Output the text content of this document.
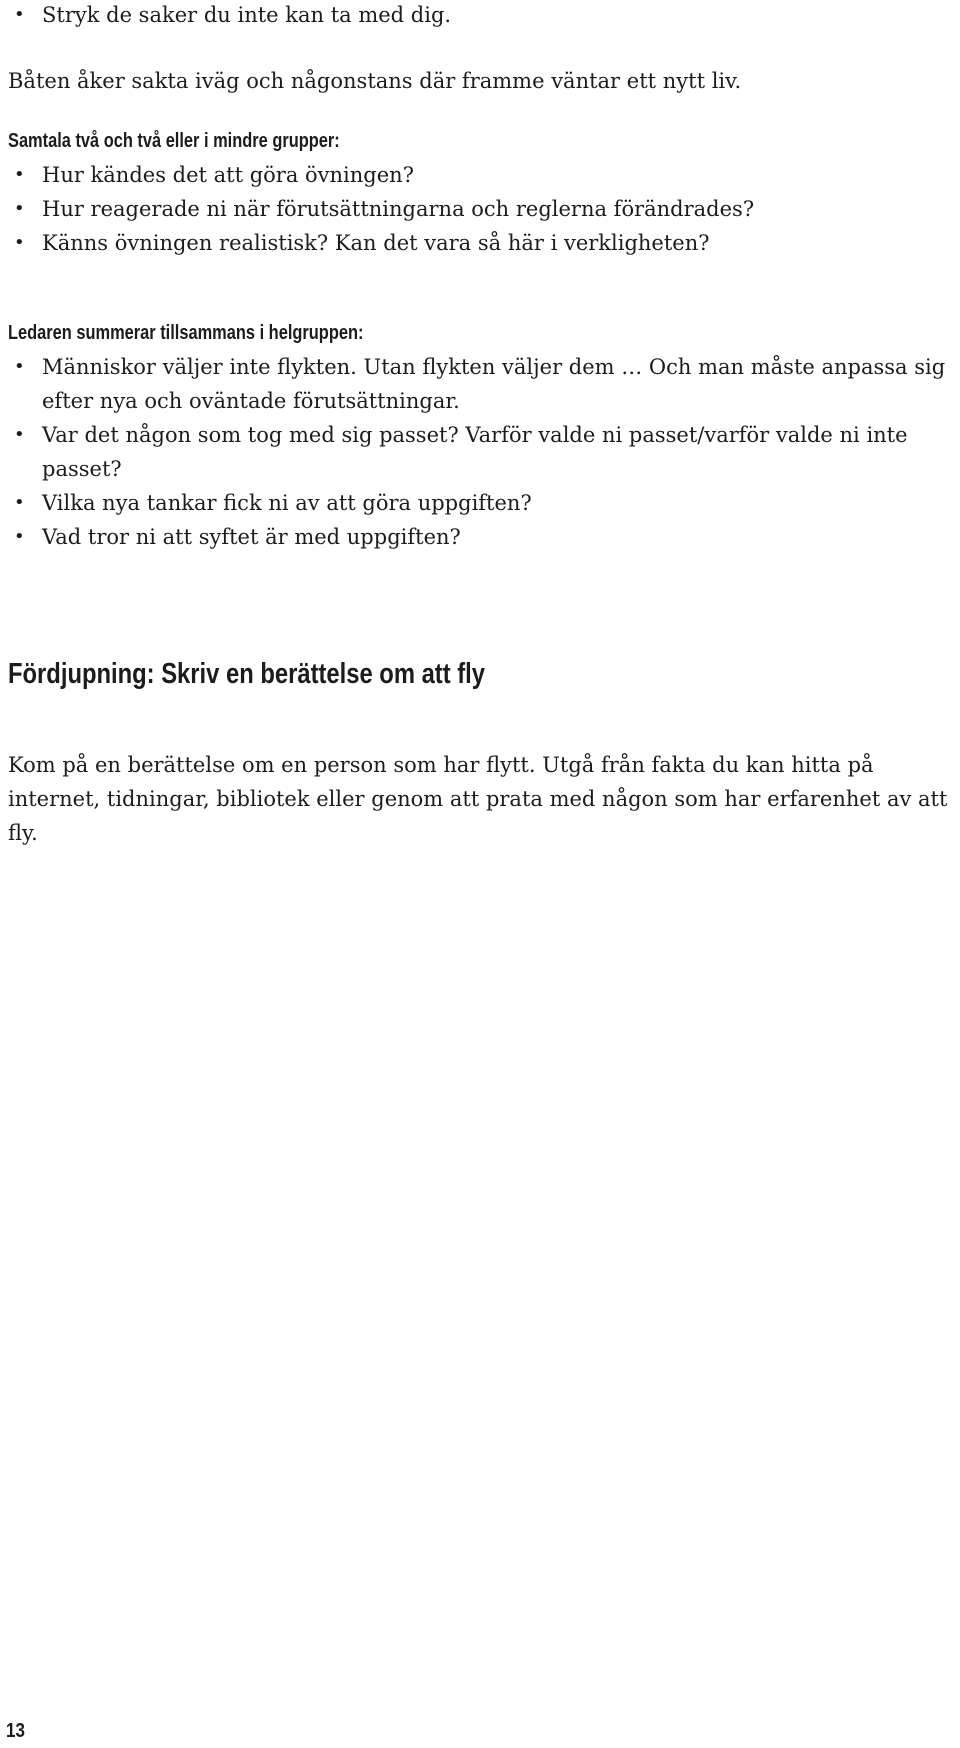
• Stryk de saker du inte kan ta med dig.
Båten åker sakta iväg och någonstans där framme väntar ett nytt liv.
Samtala två och två eller i mindre grupper:
• Hur kändes det att göra övningen?
• Hur reagerade ni när förutsättningarna och reglerna förändrades?
• Känns övningen realistisk? Kan det vara så här i verkligheten?
Ledaren summerar tillsammans i helgruppen:
• Människor väljer inte flykten. Utan flykten väljer dem … Och man måste anpassa sig efter nya och oväntade förutsättningar.
• Var det någon som tog med sig passet? Varför valde ni passet/varför valde ni inte passet?
• Vilka nya tankar fick ni av att göra uppgiften?
• Vad tror ni att syftet är med uppgiften?
Fördjupning: Skriv en berättelse om att fly
Kom på en berättelse om en person som har flytt. Utgå från fakta du kan hitta på internet, tidningar, bibliotek eller genom att prata med någon som har erfarenhet av att fly.
13
